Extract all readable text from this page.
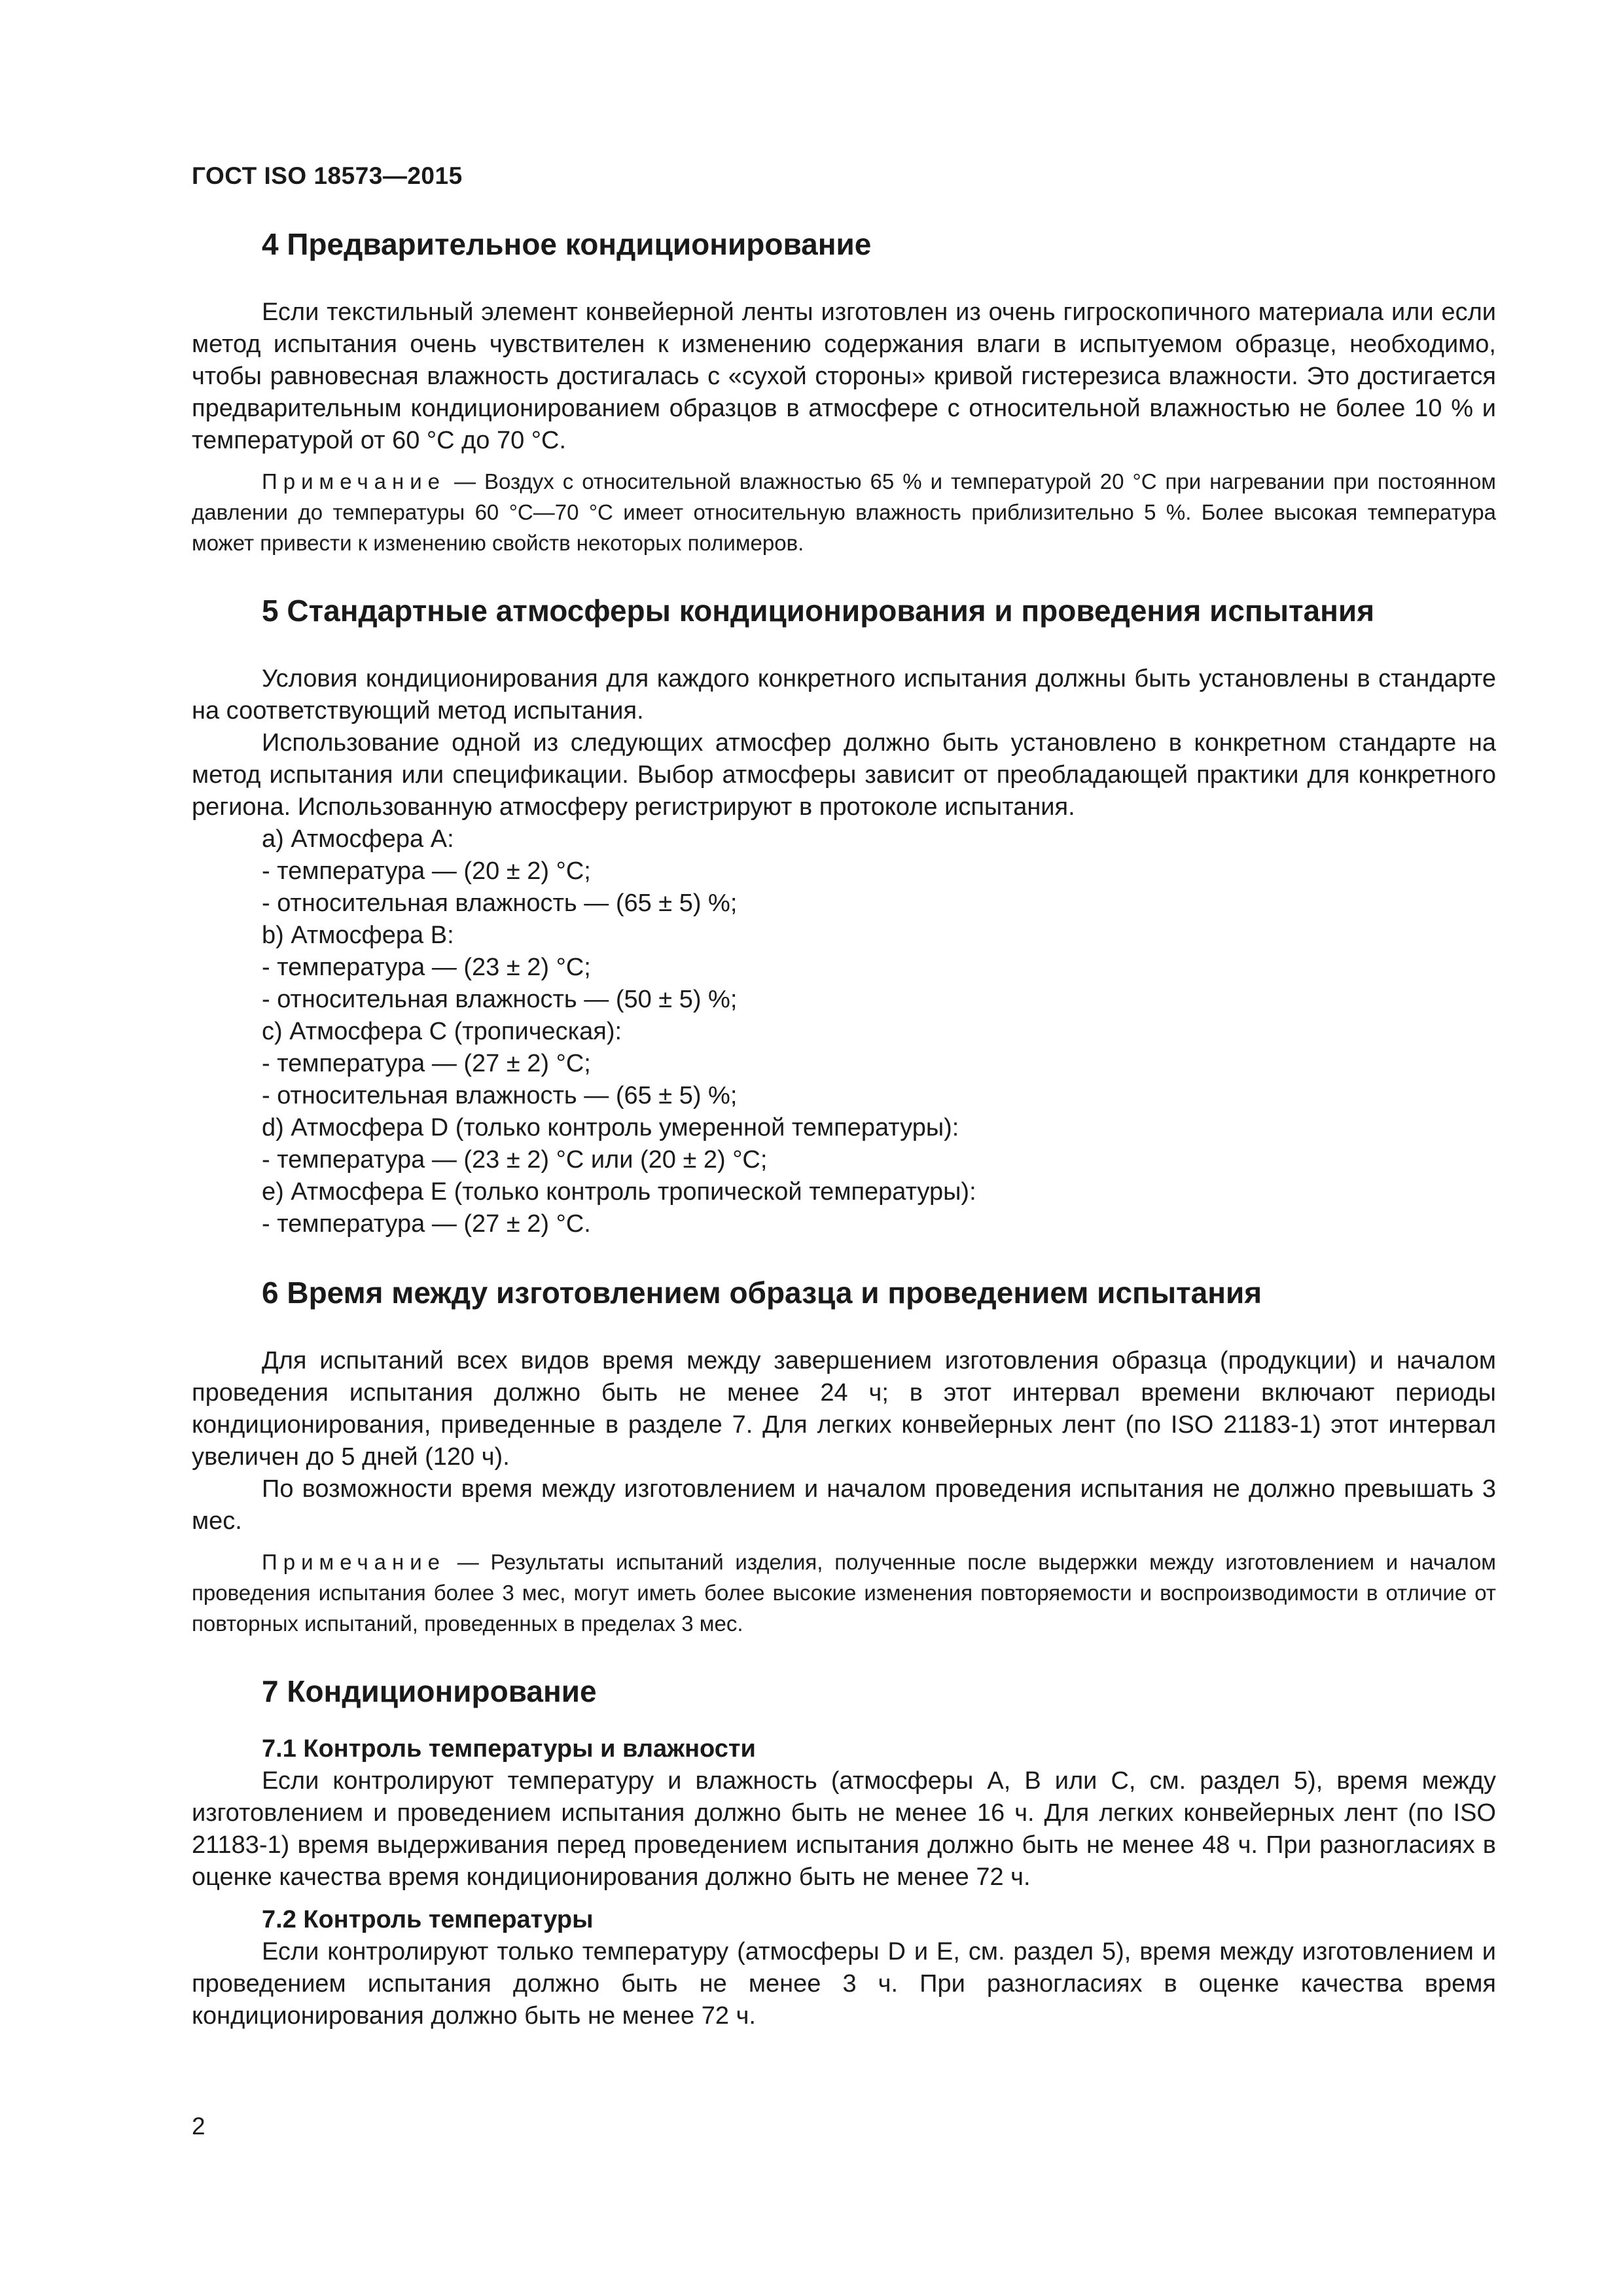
ГОСТ ISO 18573—2015
4 Предварительное кондиционирование

Если текстильный элемент конвейерной ленты изготовлен из очень гигроскопичного материала или если метод испытания очень чувствителен к изменению содержания влаги в испытуемом образце, необходимо, чтобы равновесная влажность достигалась с «сухой стороны» кривой гистерезиса влажности. Это достигается предварительным кондиционированием образцов в атмосфере с относительной влажностью не более 10 % и температурой от 60 °С до 70 °С.

Примечание — Воздух с относительной влажностью 65 % и температурой 20 °С при нагревании при постоянном давлении до температуры 60 °С—70 °С имеет относительную влажность приблизительно 5 %. Более высокая температура может привести к изменению свойств некоторых полимеров.

5 Стандартные атмосферы кондиционирования и проведения испытания

Условия кондиционирования для каждого конкретного испытания должны быть установлены в стандарте на соответствующий метод испытания.

Использование одной из следующих атмосфер должно быть установлено в конкретном стандарте на метод испытания или спецификации. Выбор атмосферы зависит от преобладающей практики для конкретного региона. Использованную атмосферу регистрируют в протоколе испытания.

a) Атмосфера А:
- температура — (20 ± 2) °С;
- относительная влажность — (65 ± 5) %;
b) Атмосфера В:
- температура — (23 ± 2) °С;
- относительная влажность — (50 ± 5) %;
c) Атмосфера С (тропическая):
- температура — (27 ± 2) °С;
- относительная влажность — (65 ± 5) %;
d) Атмосфера D (только контроль умеренной температуры):
- температура — (23 ± 2) °С или (20 ± 2) °С;
e) Атмосфера Е (только контроль тропической температуры):
- температура — (27 ± 2) °С.
6 Время между изготовлением образца и проведением испытания

Для испытаний всех видов время между завершением изготовления образца (продукции) и началом проведения испытания должно быть не менее 24 ч; в этот интервал времени включают периоды кондиционирования, приведенные в разделе 7. Для легких конвейерных лент (по ISO 21183-1) этот интервал увеличен до 5 дней (120 ч).

По возможности время между изготовлением и началом проведения испытания не должно превышать 3 мес.

Примечание — Результаты испытаний изделия, полученные после выдержки между изготовлением и началом проведения испытания более 3 мес, могут иметь более высокие изменения повторяемости и воспроизводимости в отличие от повторных испытаний, проведенных в пределах 3 мес.

7 Кондиционирование
7.1 Контроль температуры и влажности

Если контролируют температуру и влажность (атмосферы А, В или С, см. раздел 5), время между изготовлением и проведением испытания должно быть не менее 16 ч. Для легких конвейерных лент (по ISO 21183-1) время выдерживания перед проведением испытания должно быть не менее 48 ч. При разногласиях в оценке качества время кондиционирования должно быть не менее 72 ч.

7.2 Контроль температуры

Если контролируют только температуру (атмосферы D и Е, см. раздел 5), время между изготовлением и проведением испытания должно быть не менее 3 ч. При разногласиях в оценке качества время кондиционирования должно быть не менее 72 ч.

2
